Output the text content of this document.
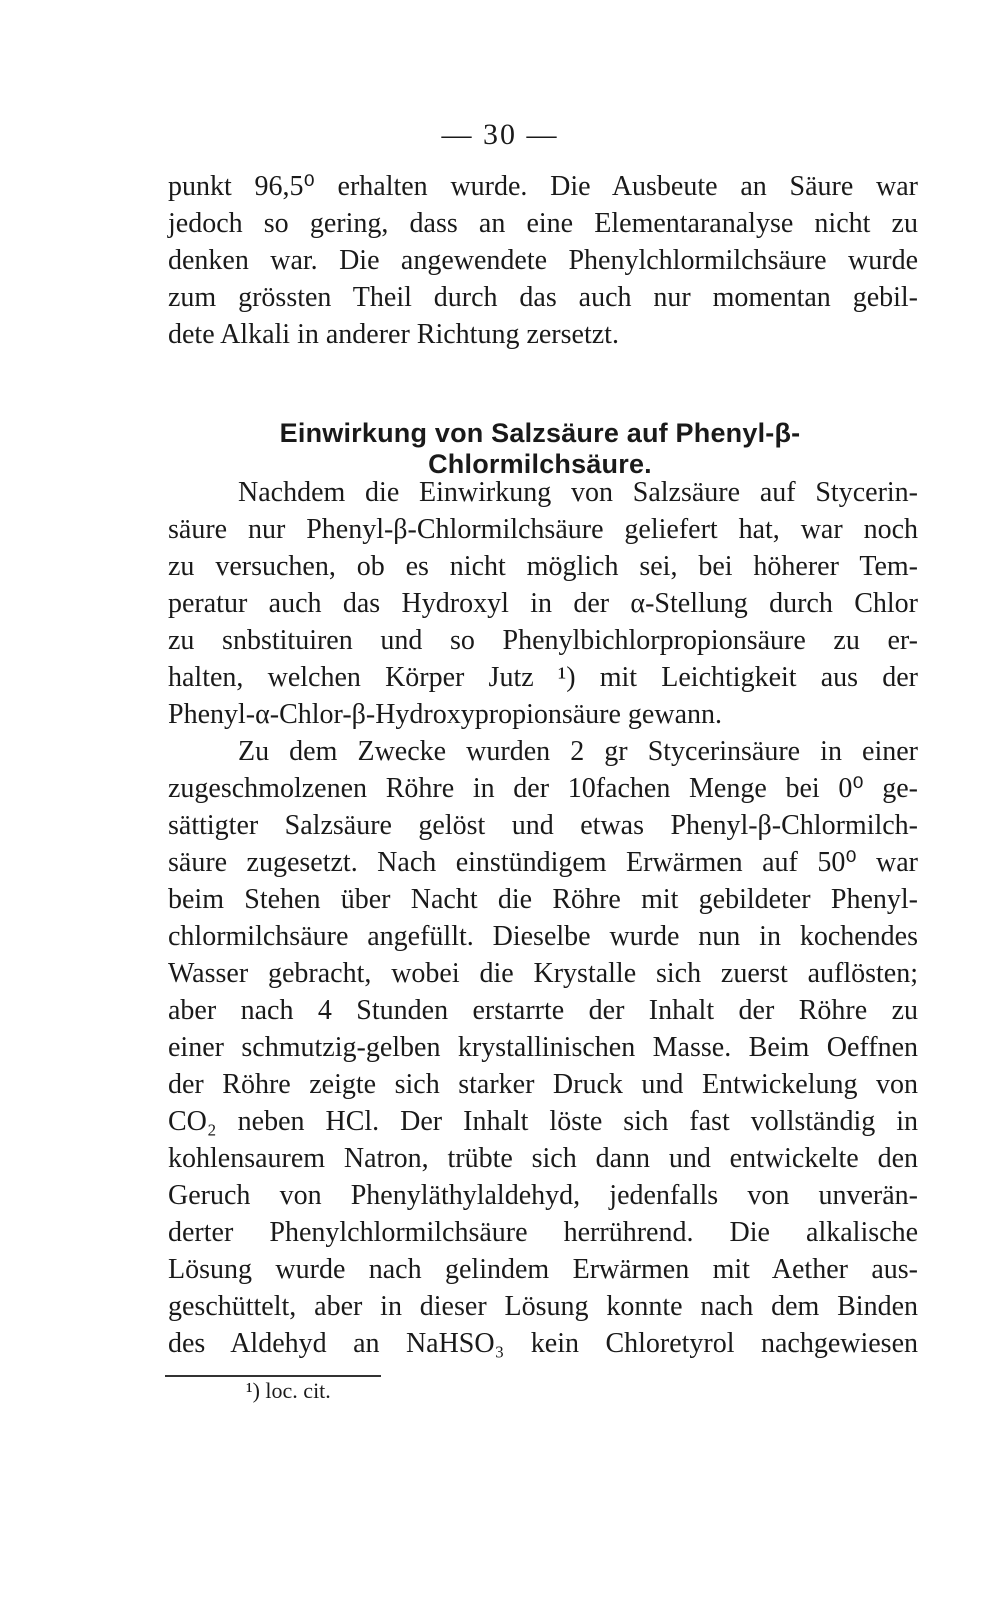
— 30 —
punkt 96,5⁰ erhalten wurde. Die Ausbeute an Säure war
jedoch so gering, dass an eine Elementaranalyse nicht zu
denken war. Die angewendete Phenylchlormilchsäure wurde
zum grössten Theil durch das auch nur momentan gebil-
dete Alkali in anderer Richtung zersetzt.
Einwirkung von Salzsäure auf Phenyl-β-Chlormilchsäure.
Nachdem die Einwirkung von Salzsäure auf Stycerin-
säure nur Phenyl-β-Chlormilchsäure geliefert hat, war noch
zu versuchen, ob es nicht möglich sei, bei höherer Tem-
peratur auch das Hydroxyl in der α-Stellung durch Chlor
zu snbstituiren und so Phenylbichlorpropionsäure zu er-
halten, welchen Körper Jutz ¹) mit Leichtigkeit aus der
Phenyl-α-Chlor-β-Hydroxypropionsäure gewann.
Zu dem Zwecke wurden 2 gr Stycerinsäure in einer
zugeschmolzenen Röhre in der 10fachen Menge bei 0⁰ ge-
sättigter Salzsäure gelöst und etwas Phenyl-β-Chlormilch-
säure zugesetzt. Nach einstündigem Erwärmen auf 50⁰ war
beim Stehen über Nacht die Röhre mit gebildeter Phenyl-
chlormilchsäure angefüllt. Dieselbe wurde nun in kochendes
Wasser gebracht, wobei die Krystalle sich zuerst auflösten;
aber nach 4 Stunden erstarrte der Inhalt der Röhre zu
einer schmutzig-gelben krystallinischen Masse. Beim Oeffnen
der Röhre zeigte sich starker Druck und Entwickelung von
CO₂ neben HCl. Der Inhalt löste sich fast vollständig in
kohlensaurem Natron, trübte sich dann und entwickelte den
Geruch von Phenyläthylaldehyd, jedenfalls von unverän-
derter Phenylchlormilchsäure herrührend. Die alkalische
Lösung wurde nach gelindem Erwärmen mit Aether aus-
geschüttelt, aber in dieser Lösung konnte nach dem Binden
des Aldehyd an NaHSO₃ kein Chloretyrol nachgewiesen
¹) loc. cit.
